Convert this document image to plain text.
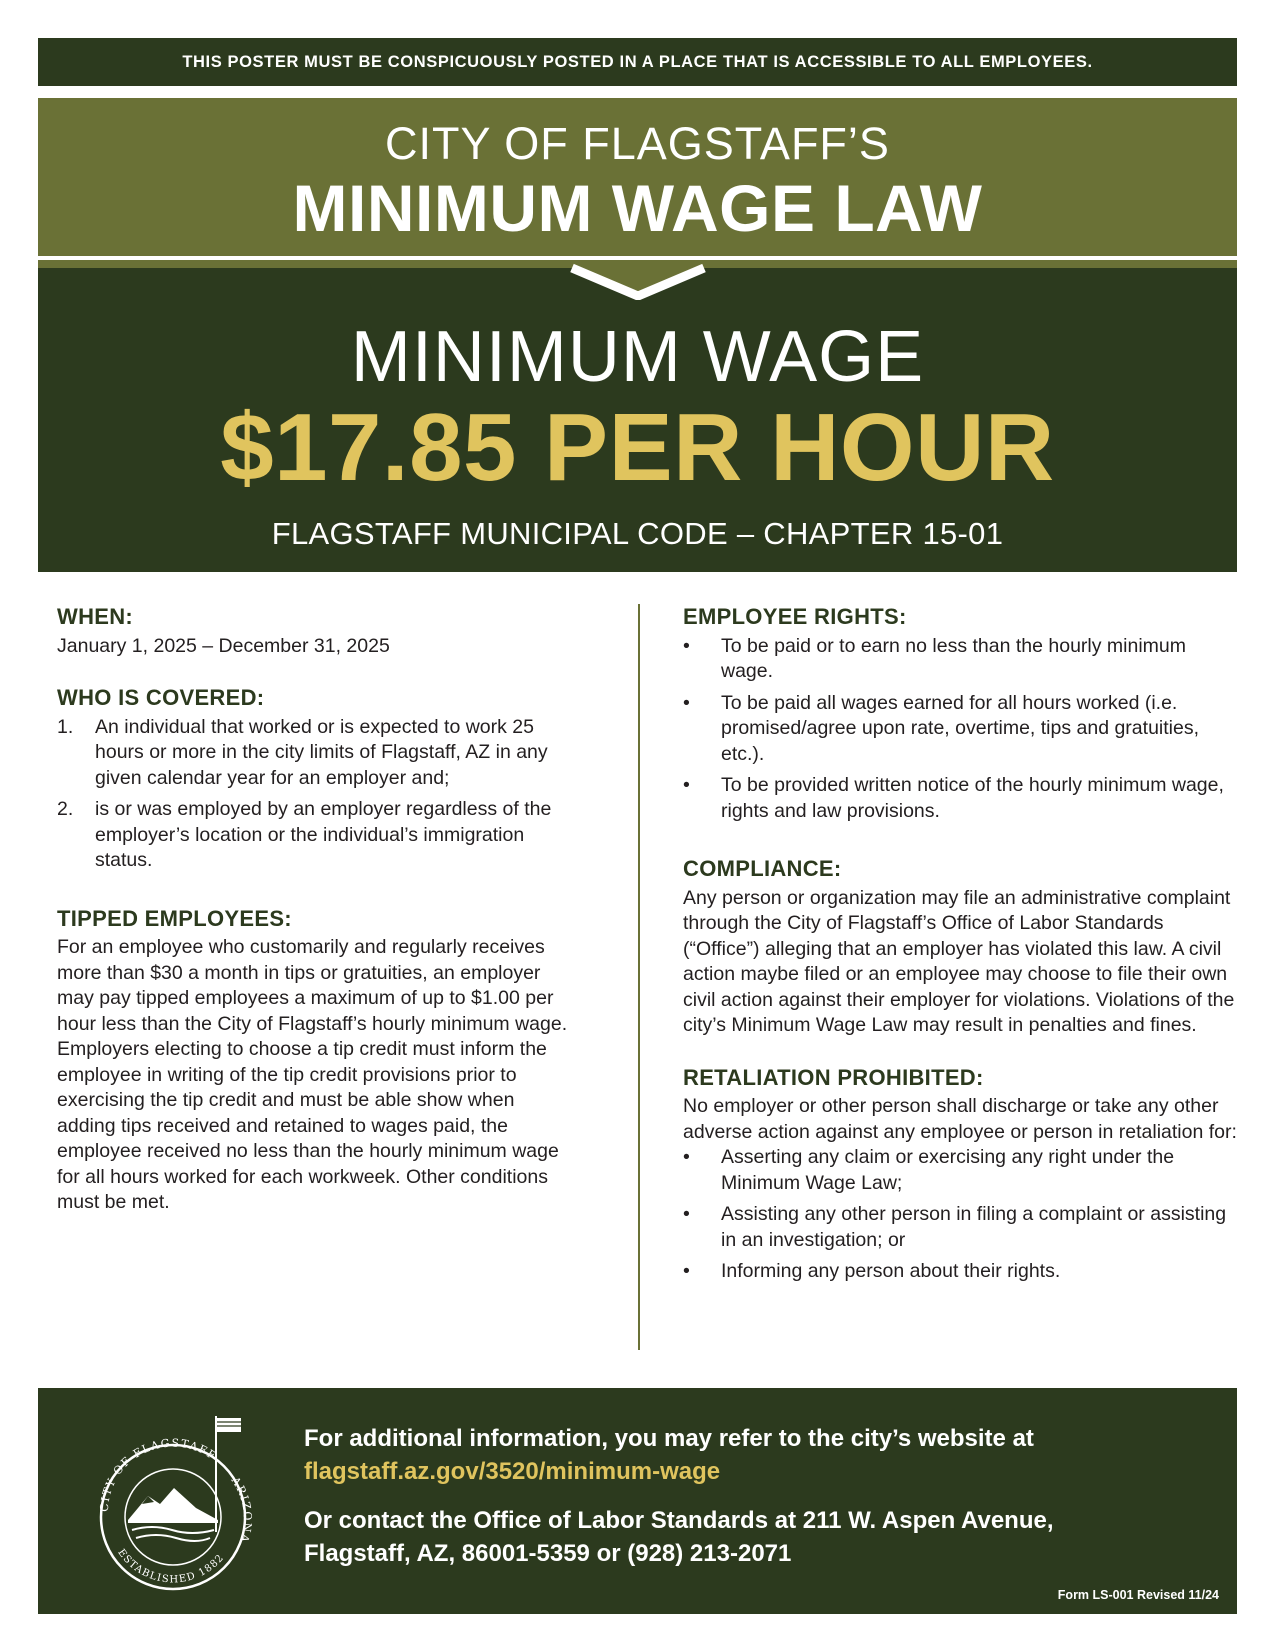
THIS POSTER MUST BE CONSPICUOUSLY POSTED IN A PLACE THAT IS ACCESSIBLE TO ALL EMPLOYEES.
CITY OF FLAGSTAFF’S
MINIMUM WAGE LAW
MINIMUM WAGE
$17.85 PER HOUR
FLAGSTAFF MUNICIPAL CODE – CHAPTER 15-01
WHEN:

January 1, 2025 – December 31, 2025

WHO IS COVERED:
1. An individual that worked or is expected to work 25 hours or more in the city limits of Flagstaff, AZ in any given calendar year for an employer and;
2. is or was employed by an employer regardless of the employer’s location or the individual’s immigration status.
TIPPED EMPLOYEES:

For an employee who customarily and regularly receives more than $30 a month in tips or gratuities, an employer may pay tipped employees a maximum of up to $1.00 per hour less than the City of Flagstaff’s hourly minimum wage. Employers electing to choose a tip credit must inform the employee in writing of the tip credit provisions prior to exercising the tip credit and must be able show when adding tips received and retained to wages paid, the employee received no less than the hourly minimum wage for all hours worked for each workweek. Other conditions must be met.

EMPLOYEE RIGHTS:
• To be paid or to earn no less than the hourly minimum wage.
• To be paid all wages earned for all hours worked (i.e. promised/agree upon rate, overtime, tips and gratuities, etc.).
• To be provided written notice of the hourly minimum wage, rights and law provisions.
COMPLIANCE:

Any person or organization may file an administrative complaint through the City of Flagstaff’s Office of Labor Standards (“Office”) alleging that an employer has violated this law. A civil action maybe filed or an employee may choose to file their own civil action against their employer for violations. Violations of the city’s Minimum Wage Law may result in penalties and fines.

RETALIATION PROHIBITED:

No employer or other person shall discharge or take any other adverse action against any employee or person in retaliation for:

• Asserting any claim or exercising any right under the Minimum Wage Law;
• Assisting any other person in filing a complaint or assisting in an investigation; or
• Informing any person about their rights.
CITY OF FLAGSTAFF
ARIZONA
ESTABLISHED 1882
For additional information, you may refer to the city’s website at
flagstaff.az.gov/3520/minimum-wage
Or contact the Office of Labor Standards at 211 W. Aspen Avenue,
Flagstaff, AZ, 86001-5359 or (928) 213-2071
Form LS-001 Revised 11/24
